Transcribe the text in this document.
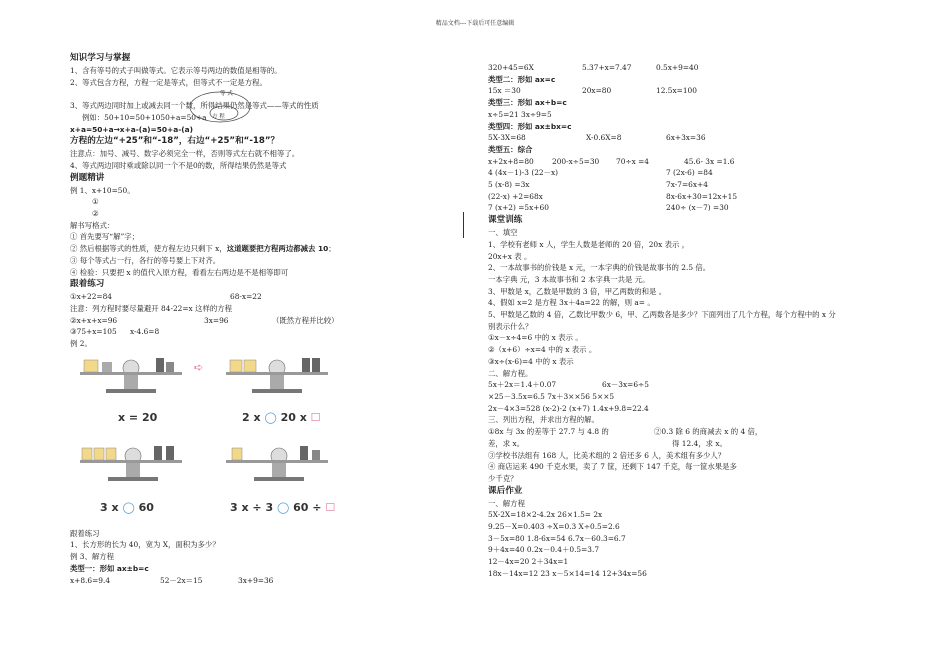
精品文档---下载后可任意编辑
知识学习与掌握
1、含有等号的式子叫做等式。它表示等号两边的数值是相等的。
2、等式包含方程，方程一定是等式，但等式不一定是方程。
等 式
3、等式两边同时加上或减去同一个数，所得结果仍然是等式——等式的性质
例如：50+10=50+1050+a=50+a 方 程
x+a=50+a→x+a-(a)=50+a-(a)
方程的左边“+25”和“-18”，右边“+25”和“-18”？
注意点：加号、减号、数字必须完全一样，否则等式左右就不相等了。
4、等式两边同时乘或除以同一个不是0的数，所得结果仍然是等式
例题精讲
例 1、x+10=50。
①
②
解书写格式：
① 首先要写“解”字；
② 然后根据等式的性质，使方程左边只剩下 x，这道题要把方程两边都减去 10；
③ 每个等式占一行，各行的等号要上下对齐。
④ 检验：只要把 x 的值代入原方程，看看左右两边是不是相等即可
跟着练习
①x+22=84	68-x=22
注意：列方程时要尽量避开 84-22=x 这样的方程
②x+x+x=96	3x=96	（既然方程并比较）
③75+x=105 x-4.6=8
例 2。
➪
x = 20	2 x ◯ 20 x ☐
3 x ◯ 60	3 x ÷ 3 ◯ 60 ÷ ☐
跟着练习
1、长方形的长为 40，宽为 X，面积为多少？
例 3、解方程
类型一：形如 ax±b=c
x+8.6=9.4	52－2x＝15	3x+9=36
320+45=6X	5.37+x=7.47	0.5x+9=40
类型二：形如 ax=c
15x ＝30	20x=80	12.5x=100
类型三：形如 ax÷b=c
x÷5=21 3x÷9=5
类型四：形如 ax±bx=c
5X-3X=68	X-0.6X=8	6x+3x=36
类型五：综合
x+2x+8=80 200-x÷5=30 70÷x =4	45.6- 3x =1.6
4 (4x－1)-3 (22－x)	7 (2x-6) =84
5 (x-8) =3x	7x-7=6x+4
(22-x) +2=68x	8x-6x+30=12x+15
7 (x+2) =5x+60	240÷ (x－7) =30
课堂训练
一、填空
1、学校有老师 x 人，学生人数是老师的 20 倍，20x 表示 ，
20x+x 表 。
2、一本故事书的价钱是 x 元，一本字典的价钱是故事书的 2.5 倍。
一本字典 元，3 本故事书和 2 本字典一共是 元。
3、甲数是 x，乙数是甲数的 3 倍，甲乙两数的和是 。
4、假如 x=2 是方程 3x＋4a=22 的解，则 a= 。
5、甲数是乙数的 4 倍，乙数比甲数少 6，甲、乙两数各是多少？下面列出了几个方程，每个方程中的 x 分
别表示什么？
①x－x÷4=6 中的 x 表示 。
②（x+6）÷x=4 中的 x 表示 。
③x÷(x-6)=4 中的 x 表示
二、解方程。
5x＋2x＝1.4＋0.07	6x－3x=6÷5
×25－3.5x=6.5 7x＋3××56 5××5
2x－4×3=528 (x-2)-2 (x+7) 1.4x+9.8=22.4
三、列出方程，并求出方程的解。
①8x 与 3x 的差等于 27.7 与 4.8 的	②0.3 除 6 的商减去 x 的 4 倍，
差，求 x。	得 12.4，求 x。
③学校书法组有 168 人，比美术组的 2 倍还多 6 人，美术组有多少人？
④ 商店运来 490 千克水果，卖了 7 筐，还剩下 147 千克，每一筐水果是多
少千克？
课后作业
一、解方程
5X-2X=18×2-4.2x 26×1.5= 2x
9.25－X=0.403 ÷X=0.3 X÷0.5=2.6
3－5x=80 1.8-6x=54 6.7x－60.3=6.7
9＋4x=40 0.2x－0.4＋0.5=3.7
12－4x=20 2＋34x=1
18x－14x=12 23 x－5×14=14 12+34x=56
